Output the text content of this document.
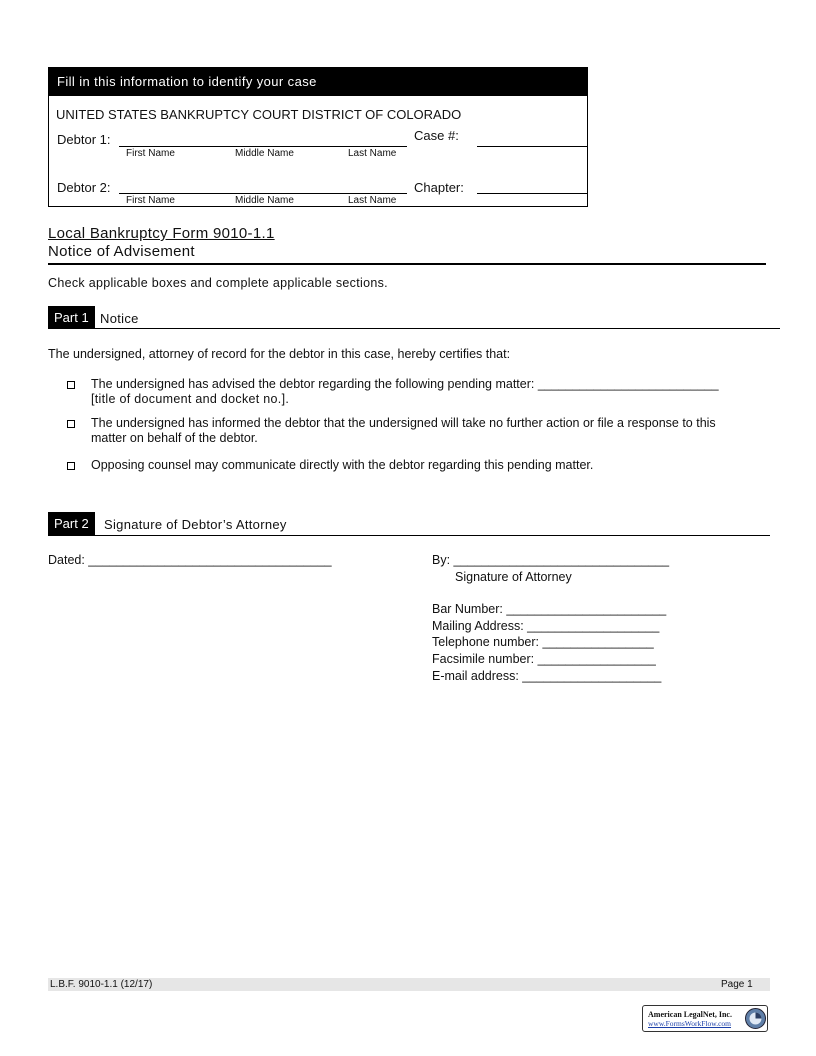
Fill in this information to identify your case
UNITED STATES BANKRUPTCY COURT DISTRICT OF COLORADO
Debtor 1:
First Name	Middle Name	Last Name
Case #:
Debtor 2:
First Name	Middle Name	Last Name
Chapter:
Local Bankruptcy Form 9010-1.1
Notice of Advisement
Check applicable boxes and complete applicable sections.
Part 1 Notice
The undersigned, attorney of record for the debtor in this case, hereby certifies that:
The undersigned has advised the debtor regarding the following pending matter: __________________________
[title of document and docket no.].
The undersigned has informed the debtor that the undersigned will take no further action or file a response to this
matter on behalf of the debtor.
Opposing counsel may communicate directly with the debtor regarding this pending matter.
Part 2	Signature of Debtor’s Attorney
Dated: ___________________________________	By: _______________________________
Signature of Attorney
Bar Number: _______________________
Mailing Address: ___________________
Telephone number: ________________
Facsimile number: _________________
E-mail address: ____________________
L.B.F. 9010-1.1 (12/17)	Page 1
American LegalNet, Inc.
www.FormsWorkFlow.com
